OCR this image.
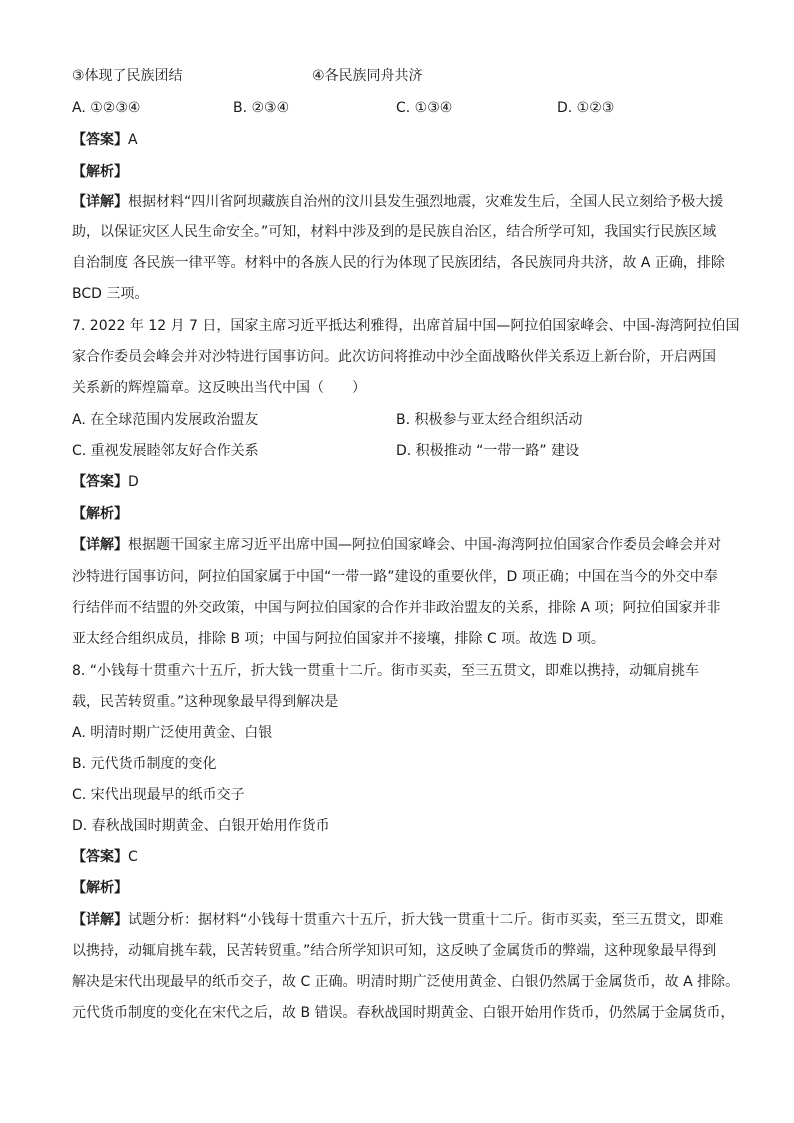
③体现了民族团结	④各民族同舟共济
A. ①②③④	B. ②③④	C. ①③④	D. ①②③
【答案】A
【解析】
【详解】根据材料“四川省阿坝藏族自治州的汶川县发生强烈地震，灾难发生后，全国人民立刻给予极大援
助，以保证灾区人民生命安全。”可知，材料中涉及到的是民族自治区，结合所学可知，我国实行民族区域
自治制度 各民族一律平等。材料中的各族人民的行为体现了民族团结，各民族同舟共济，故 A 正确，排除
BCD 三项。
7. 2022 年 12 月 7 日，国家主席习近平抵达利雅得，出席首届中国—阿拉伯国家峰会、中国-海湾阿拉伯国
家合作委员会峰会并对沙特进行国事访问。此次访问将推动中沙全面战略伙伴关系迈上新台阶，开启两国
关系新的辉煌篇章。这反映出当代中国（　　）
A. 在全球范围内发展政治盟友	B. 积极参与亚太经合组织活动
C. 重视发展睦邻友好合作关系	D. 积极推动 “一带一路” 建设
【答案】D
【解析】
【详解】根据题干国家主席习近平出席中国—阿拉伯国家峰会、中国-海湾阿拉伯国家合作委员会峰会并对
沙特进行国事访问，阿拉伯国家属于中国“一带一路”建设的重要伙伴，D 项正确；中国在当今的外交中奉
行结伴而不结盟的外交政策，中国与阿拉伯国家的合作并非政治盟友的关系，排除 A 项；阿拉伯国家并非
亚太经合组织成员，排除 B 项；中国与阿拉伯国家并不接壤，排除 C 项。故选 D 项。
8. “小钱每十贯重六十五斤，折大钱一贯重十二斤。街市买卖，至三五贯文，即难以携持，动辄肩挑车
载，民苦转贸重。”这种现象最早得到解决是
A. 明清时期广泛使用黄金、白银
B. 元代货币制度的变化
C. 宋代出现最早的纸币交子
D. 春秋战国时期黄金、白银开始用作货币
【答案】C
【解析】
【详解】试题分析：据材料“小钱每十贯重六十五斤，折大钱一贯重十二斤。街市买卖，至三五贯文，即难
以携持，动辄肩挑车载，民苦转贸重。”结合所学知识可知，这反映了金属货币的弊端，这种现象最早得到
解决是宋代出现最早的纸币交子，故 C 正确。明清时期广泛使用黄金、白银仍然属于金属货币，故 A 排除。
元代货币制度的变化在宋代之后，故 B 错误。春秋战国时期黄金、白银开始用作货币，仍然属于金属货币，
